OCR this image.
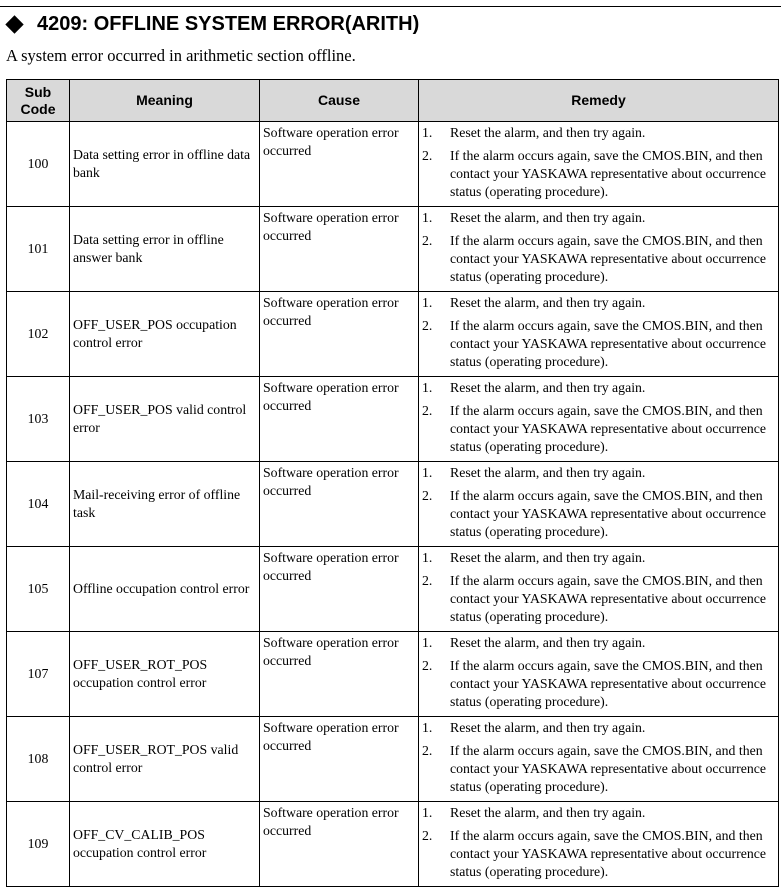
4209: OFFLINE SYSTEM ERROR(ARITH)
A system error occurred in arithmetic section offline.
Sub Code	Meaning	Cause	Remedy
100	Data setting error in offline data bank	Software operation error occurred	1. Reset the alarm, and then try again.
2. If the alarm occurs again, save the CMOS.BIN, and then contact your YASKAWA representative about occurrence status (operating procedure).

101	Data setting error in offline answer bank	Software operation error occurred	1. Reset the alarm, and then try again.
2. If the alarm occurs again, save the CMOS.BIN, and then contact your YASKAWA representative about occurrence status (operating procedure).

102	OFF_USER_POS occupation control error	Software operation error occurred	1. Reset the alarm, and then try again.
2. If the alarm occurs again, save the CMOS.BIN, and then contact your YASKAWA representative about occurrence status (operating procedure).

103	OFF_USER_POS valid control error	Software operation error occurred	1. Reset the alarm, and then try again.
2. If the alarm occurs again, save the CMOS.BIN, and then contact your YASKAWA representative about occurrence status (operating procedure).

104	Mail-receiving error of offline task	Software operation error occurred	1. Reset the alarm, and then try again.
2. If the alarm occurs again, save the CMOS.BIN, and then contact your YASKAWA representative about occurrence status (operating procedure).

105	Offline occupation control error	Software operation error occurred	1. Reset the alarm, and then try again.
2. If the alarm occurs again, save the CMOS.BIN, and then contact your YASKAWA representative about occurrence status (operating procedure).

107	OFF_USER_ROT_POS occupation control error	Software operation error occurred	1. Reset the alarm, and then try again.
2. If the alarm occurs again, save the CMOS.BIN, and then contact your YASKAWA representative about occurrence status (operating procedure).

108	OFF_USER_ROT_POS valid control error	Software operation error occurred	1. Reset the alarm, and then try again.
2. If the alarm occurs again, save the CMOS.BIN, and then contact your YASKAWA representative about occurrence status (operating procedure).

109	OFF_CV_CALIB_POS occupation control error	Software operation error occurred	1. Reset the alarm, and then try again.
2. If the alarm occurs again, save the CMOS.BIN, and then contact your YASKAWA representative about occurrence status (operating procedure).
